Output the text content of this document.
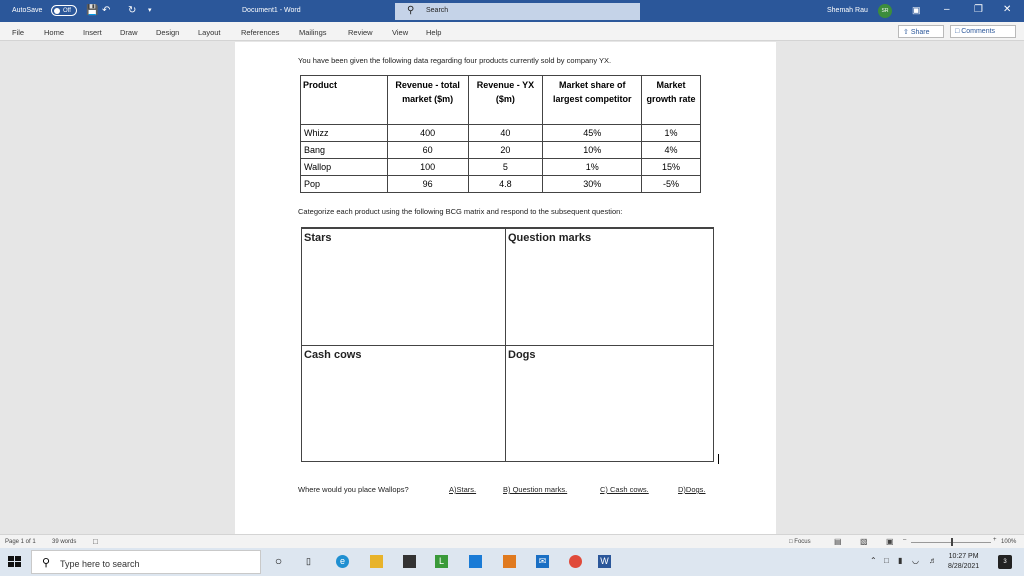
AutoSave	Off 💾 ↶ ↻ ▾	Document1 - Word	⚲ Search	Shemah Rau	SR	▣ – ❐ ✕
File	Home	Insert Draw Design Layout	References	Mailings	Review	View Help	⇧ Share	□ Comments
You have been given the following data regarding four products currently sold by company YX.
Product	Revenue - total market ($m)	Revenue - YX ($m)	Market share of largest competitor	Market growth rate
Whizz	400	40	45%	1%
Bang	60	20	10%	4%
Wallop	100	5	1%	15%
Pop	96	4.8	30%	-5%
Categorize each product using the following BCG matrix and respond to the subsequent question:
Stars	Question marks
Cash cows	Dogs
Where would you place Wallops?	A)Stars.	B) Question marks.	C) Cash cows.	D)Dogs.
Page 1 of 1	39 words □	□ Focus	▤ ▧ ▣ –	+ 100%
⚲ Type here to search	○	▯	e	L	✉	W	⌃ □ ▮ ◡ ♬ 10:27 PM
8/28/2021
3
